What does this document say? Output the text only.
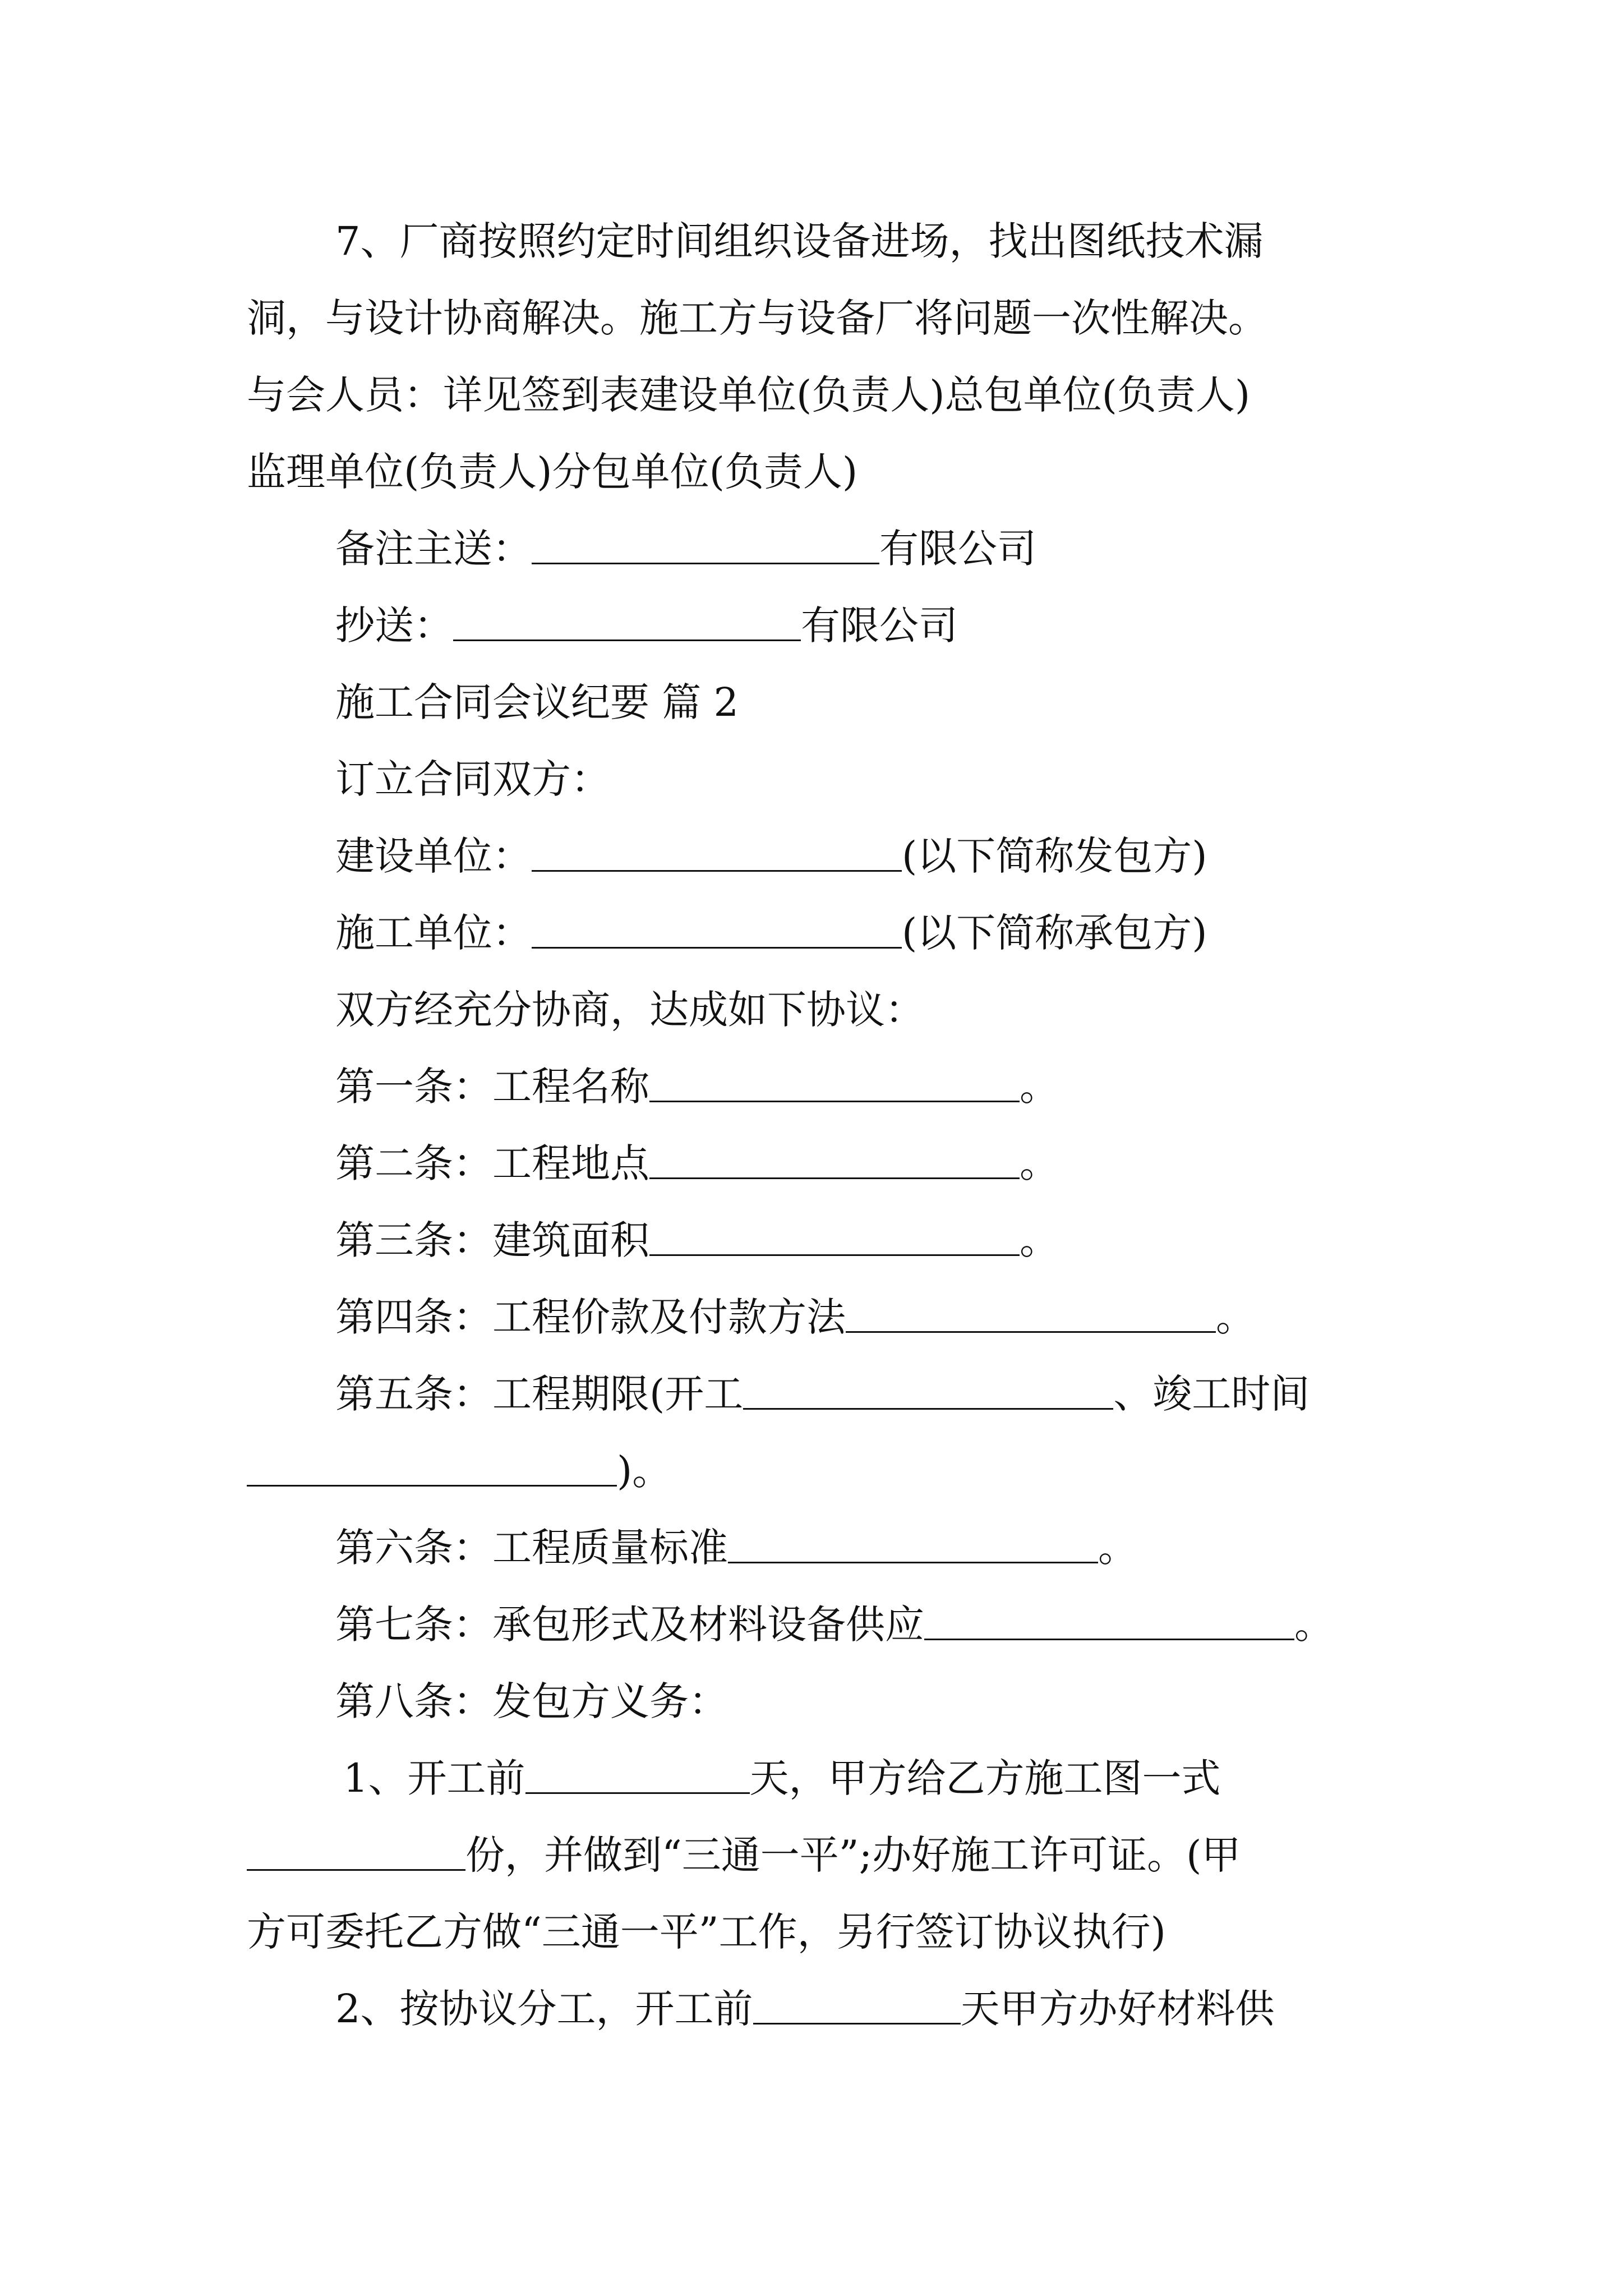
7、厂商按照约定时间组织设备进场，找出图纸技术漏
洞，与设计协商解决。施工方与设备厂将问题一次性解决。
与会人员：详见签到表建设单位(负责人)总包单位(负责人)
监理单位(负责人)分包单位(负责人)
备注主送：	有限公司
抄送：	有限公司
施工合同会议纪要 篇 2
订立合同双方：
建设单位：	(以下简称发包方)
施工单位：	(以下简称承包方)
双方经充分协商，达成如下协议：
第一条：工程名称	。
第二条：工程地点	。
第三条：建筑面积	。
第四条：工程价款及付款方法	。
第五条：工程期限(开工	、竣工时间
)。
第六条：工程质量标准	。
第七条：承包形式及材料设备供应	。
第八条：发包方义务：
1、开工前	天，甲方给乙方施工图一式
份，并做到“三通一平”;办好施工许可证。(甲
方可委托乙方做“三通一平”工作，另行签订协议执行)
2、按协议分工，开工前	天甲方办好材料供
